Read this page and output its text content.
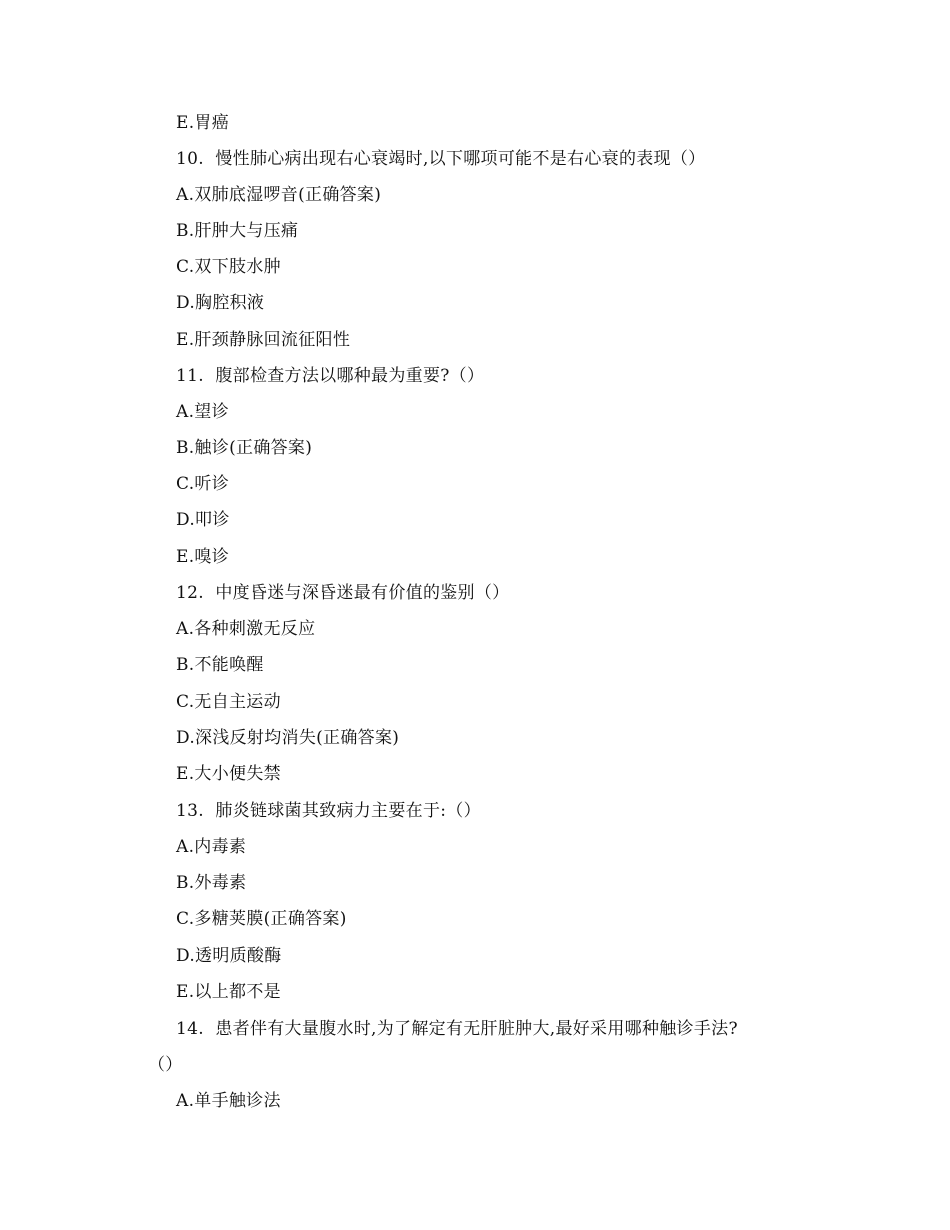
E.胃癌
10.  慢性肺心病出现右心衰竭时,以下哪项可能不是右心衰的表现（）
A.双肺底湿啰音(正确答案)
B.肝肿大与压痛
C.双下肢水肿
D.胸腔积液
E.肝颈静脉回流征阳性
11.  腹部检查方法以哪种最为重要?（）
A.望诊
B.触诊(正确答案)
C.听诊
D.叩诊
E.嗅诊
12.  中度昏迷与深昏迷最有价值的鉴别（）
A.各种刺激无反应
B.不能唤醒
C.无自主运动
D.深浅反射均消失(正确答案)
E.大小便失禁
13.  肺炎链球菌其致病力主要在于:（）
A.内毒素
B.外毒素
C.多糖荚膜(正确答案)
D.透明质酸酶
E.以上都不是
14.  患者伴有大量腹水时,为了解定有无肝脏肿大,最好采用哪种触诊手法?
（）
A.单手触诊法
